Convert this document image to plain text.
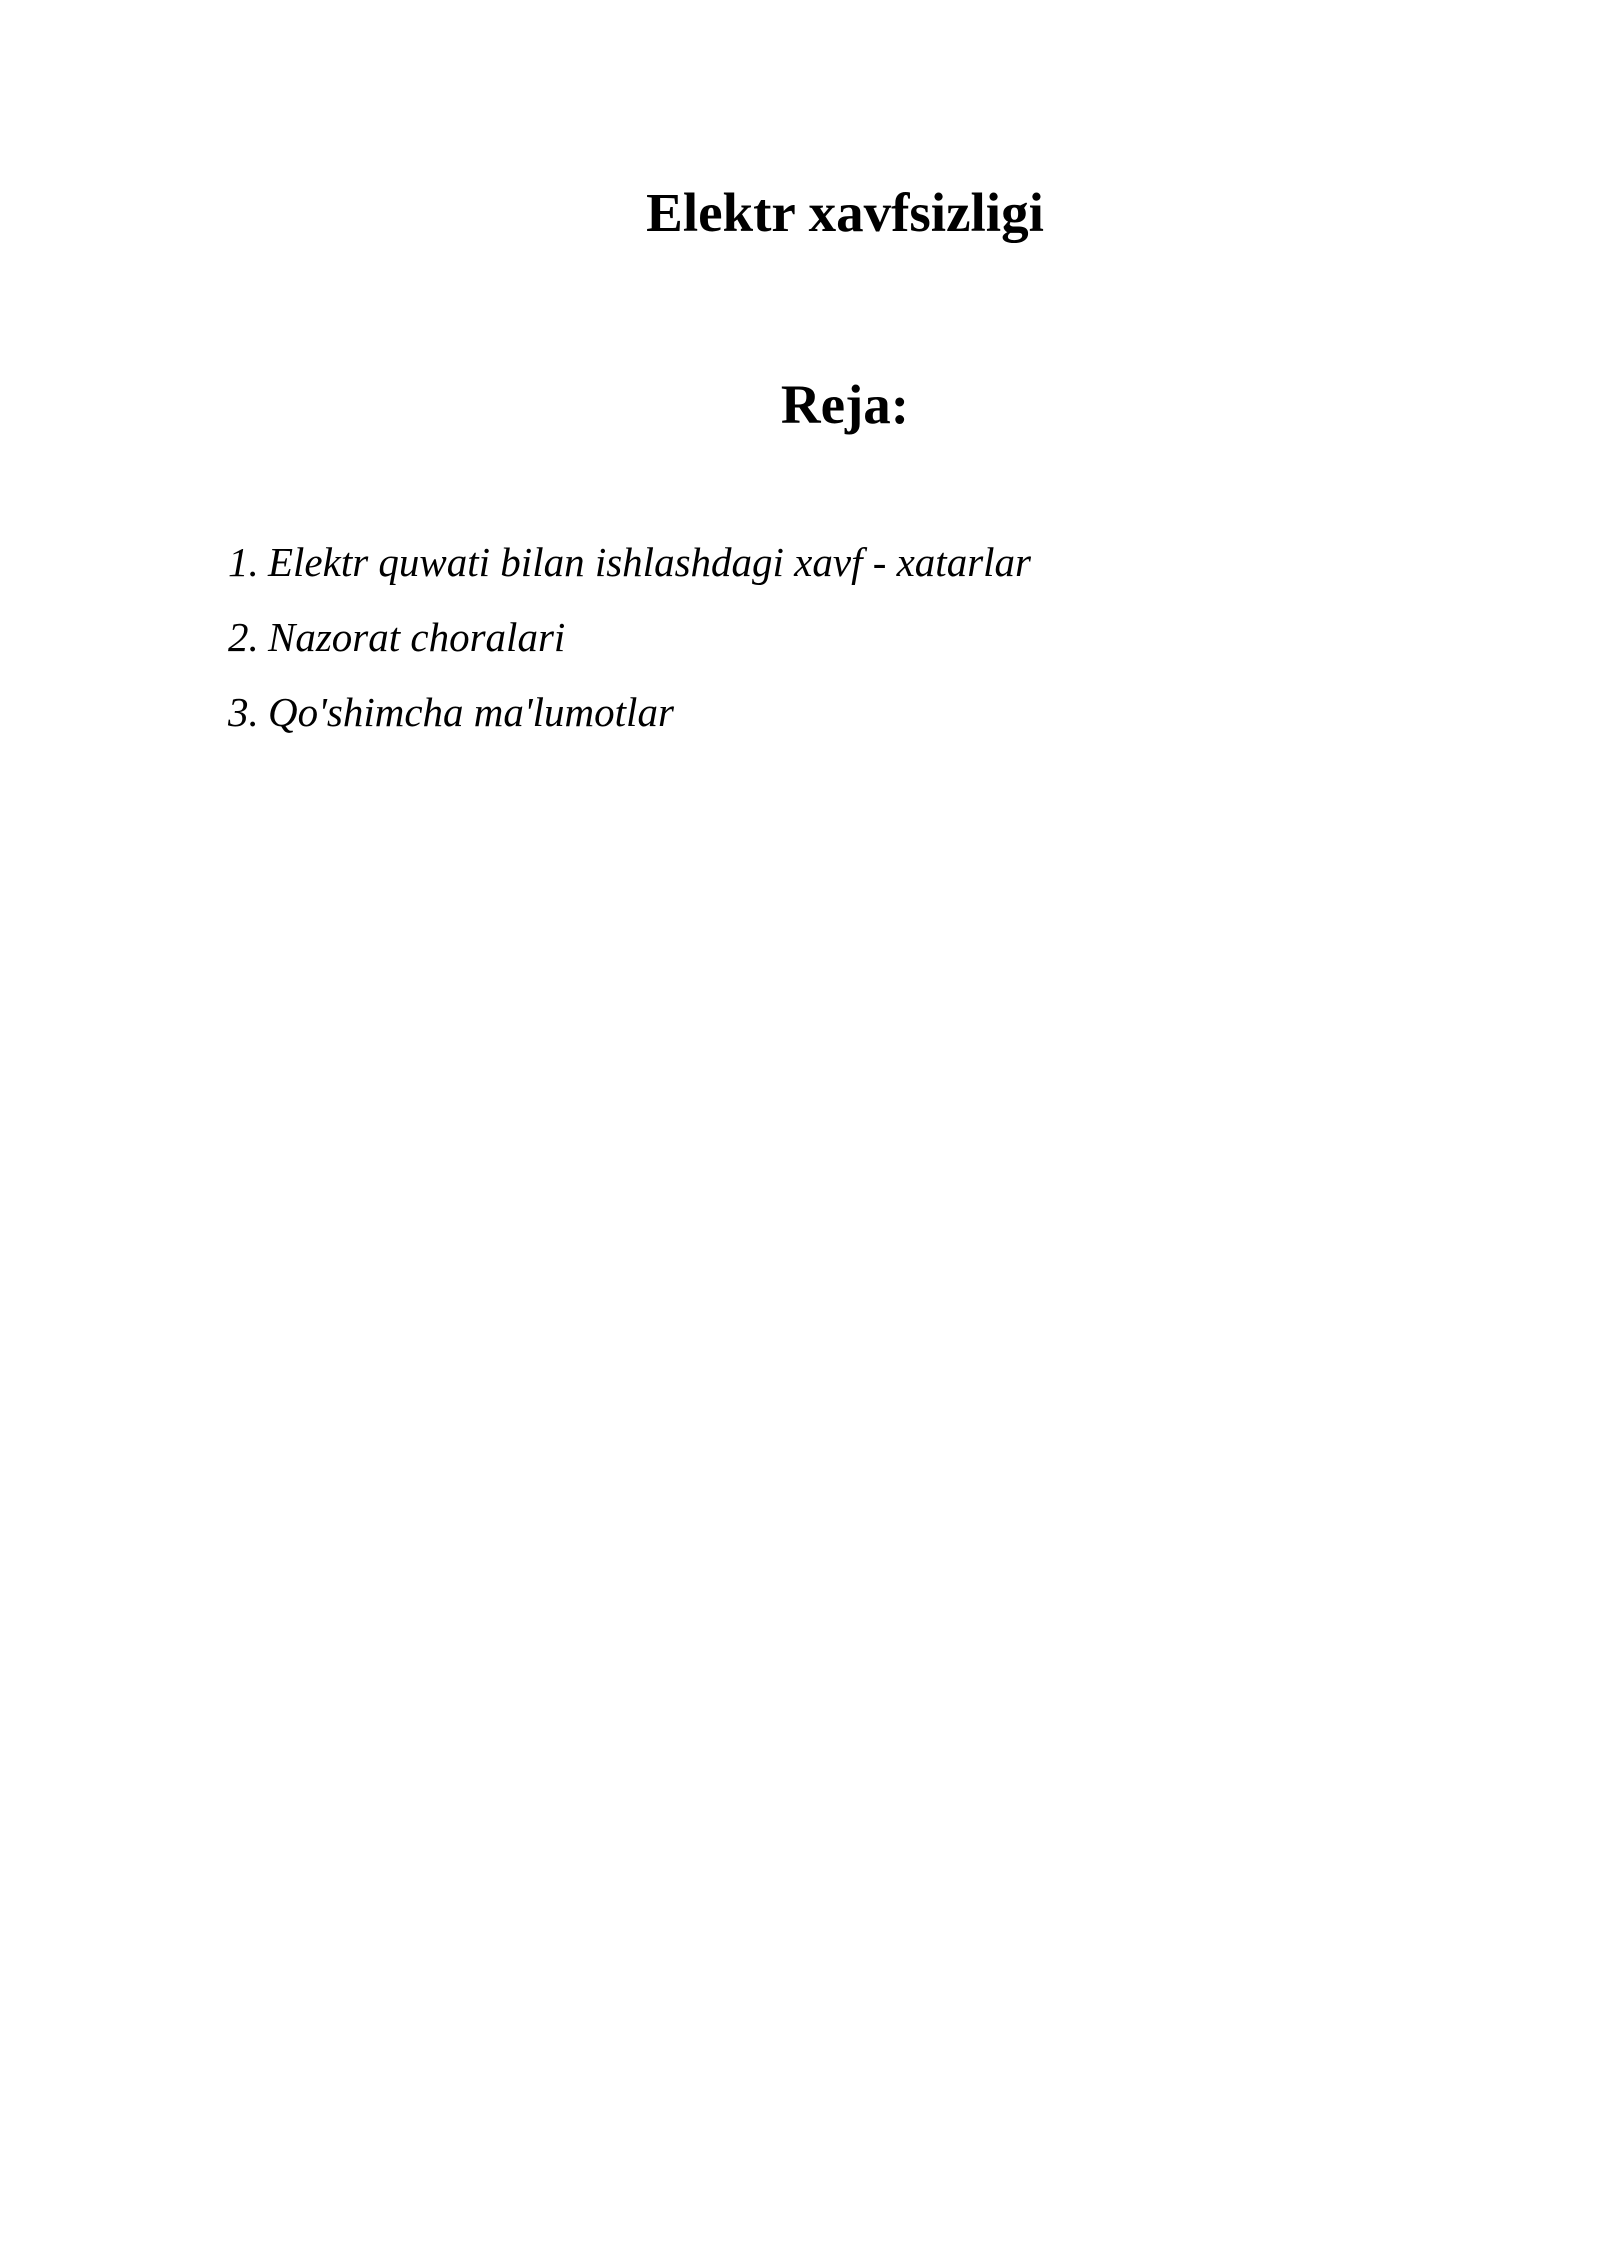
Elektr xavfsizligi
Reja:
1. Elektr quwati bilan ishlashdagi xavf - xatarlar
2. Nazorat choralari
3. Qo'shimcha ma'lumotlar
